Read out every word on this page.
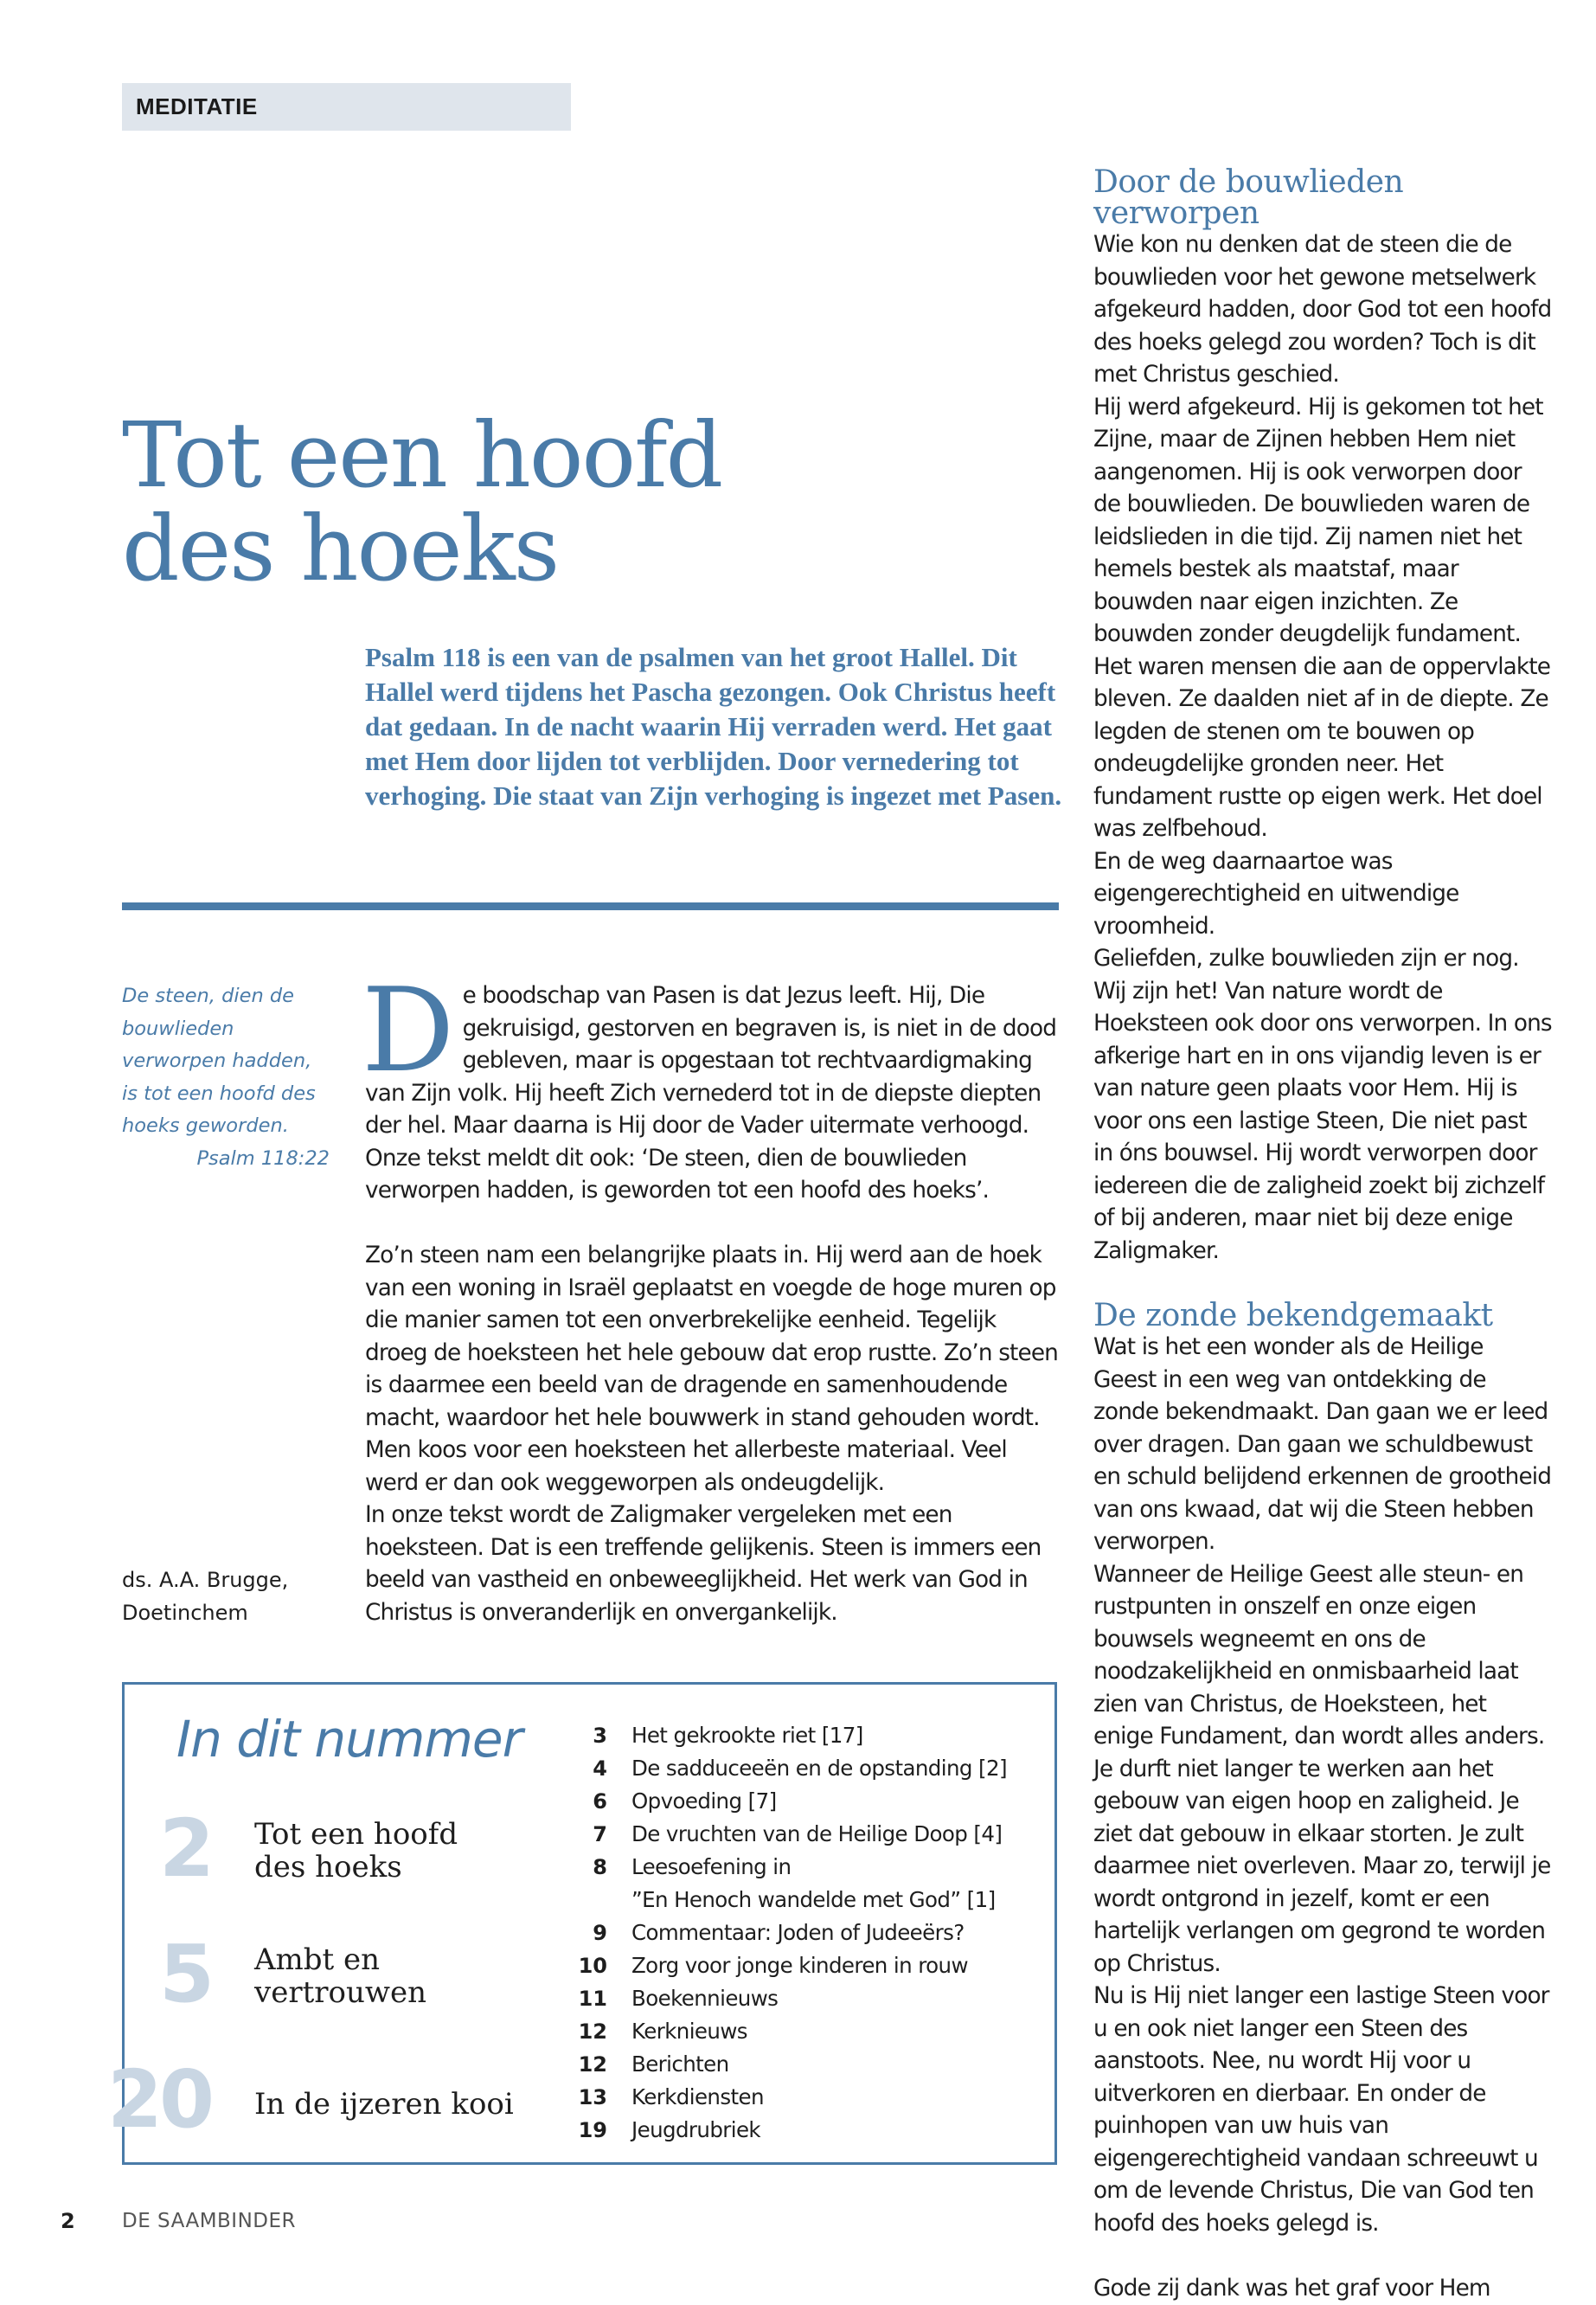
MEDITATIE
Tot een hoofd
des hoeks

Psalm 118 is een van de psalmen van het groot Hallel. Dit Hallel werd tijdens het Pascha gezongen. Ook Christus heeft dat gedaan. In de nacht waarin Hij verraden werd. Het gaat met Hem door lijden tot verblijden. Door vernedering tot verhoging. Die staat van Zijn verhoging is ingezet met Pasen.

De steen, dien de bouwlieden verworpen hadden, is tot een hoofd des hoeks geworden.
Psalm 118:22
ds. A.A. Brugge,
Doetinchem

De boodschap van Pasen is dat Jezus leeft. Hij, Die gekruisigd, gestorven en begraven is, is niet in de dood gebleven, maar is opgestaan tot rechtvaardigmaking van Zijn volk. Hij heeft Zich vernederd tot in de diepste diepten der hel. Maar daarna is Hij door de Vader uitermate verhoogd. Onze tekst meldt dit ook: ‘De steen, dien de bouwlieden verworpen hadden, is geworden tot een hoofd des hoeks’.

Zo’n steen nam een belangrijke plaats in. Hij werd aan de hoek van een woning in Israël geplaatst en voegde de hoge muren op die manier samen tot een onverbrekelijke eenheid. Tegelijk droeg de hoeksteen het hele gebouw dat erop rustte. Zo’n steen is daarmee een beeld van de dragende en samenhoudende macht, waardoor het hele bouwwerk in stand gehouden wordt. Men koos voor een hoeksteen het allerbeste materiaal. Veel werd er dan ook weggeworpen als ondeugdelijk.

In onze tekst wordt de Zaligmaker vergeleken met een hoeksteen. Dat is een treffende gelijkenis. Steen is immers een beeld van vastheid en onbeweeglijkheid. Het werk van God in Christus is onveranderlijk en onvergankelijk.

Door de bouwlieden verworpen

Wie kon nu denken dat de steen die de bouwlieden voor het gewone metselwerk afgekeurd hadden, door God tot een hoofd des hoeks gelegd zou worden? Toch is dit met Christus geschied.

Hij werd afgekeurd. Hij is gekomen tot het Zijne, maar de Zijnen hebben Hem niet aangenomen. Hij is ook verworpen door de bouwlieden. De bouwlieden waren de leidslieden in die tijd. Zij namen niet het hemels bestek als maatstaf, maar bouwden naar eigen inzichten. Ze bouwden zonder deugdelijk fundament. Het waren mensen die aan de oppervlakte bleven. Ze daalden niet af in de diepte. Ze legden de stenen om te bouwen op ondeugdelijke gronden neer. Het fundament rustte op eigen werk. Het doel was zelfbehoud.

En de weg daarnaartoe was eigengerechtigheid en uitwendige vroomheid.

Geliefden, zulke bouwlieden zijn er nog. Wij zijn het! Van nature wordt de Hoeksteen ook door ons verworpen. In ons afkerige hart en in ons vijandig leven is er van nature geen plaats voor Hem. Hij is voor ons een lastige Steen, Die niet past in óns bouwsel. Hij wordt verworpen door iedereen die de zaligheid zoekt bij zichzelf of bij anderen, maar niet bij deze enige Zaligmaker.

De zonde bekendgemaakt

Wat is het een wonder als de Heilige Geest in een weg van ontdekking de zonde bekendmaakt. Dan gaan we er leed over dragen. Dan gaan we schuldbewust en schuld belijdend erkennen de grootheid van ons kwaad, dat wij die Steen hebben verworpen.

Wanneer de Heilige Geest alle steun- en rustpunten in onszelf en onze eigen bouwsels wegneemt en ons de noodzakelijkheid en onmisbaarheid laat zien van Christus, de Hoeksteen, het enige Fundament, dan wordt alles anders. Je durft niet langer te werken aan het gebouw van eigen hoop en zaligheid. Je ziet dat gebouw in elkaar storten. Je zult daarmee niet overleven. Maar zo, terwijl je wordt ontgrond in jezelf, komt er een hartelijk verlangen om gegrond te worden op Christus.

Nu is Hij niet langer een lastige Steen voor u en ook niet langer een Steen des aanstoots. Nee, nu wordt Hij voor u uitverkoren en dierbaar. En onder de puinhopen van uw huis van eigengerechtigheid vandaan schreeuwt u om de levende Christus, Die van God ten hoofd des hoeks gelegd is.

Gode zij dank was het graf voor Hem

In dit nummer
2 Tot een hoofd
des hoeks
5 Ambt en
vertrouwen
20 In de ijzeren kooi
3 Het gekrookte riet [17]
4 De sadduceeën en de opstanding [2]
6 Opvoeding [7]
7 De vruchten van de Heilige Doop [4]
8 Leesoefening in
”En Henoch wandelde met God” [1]
9 Commentaar: Joden of Judeeërs?
10 Zorg voor jonge kinderen in rouw
11 Boekennieuws
12 Kerknieuws
12 Berichten
13 Kerkdiensten
19 Jeugdrubriek
2 DE SAAMBINDER
